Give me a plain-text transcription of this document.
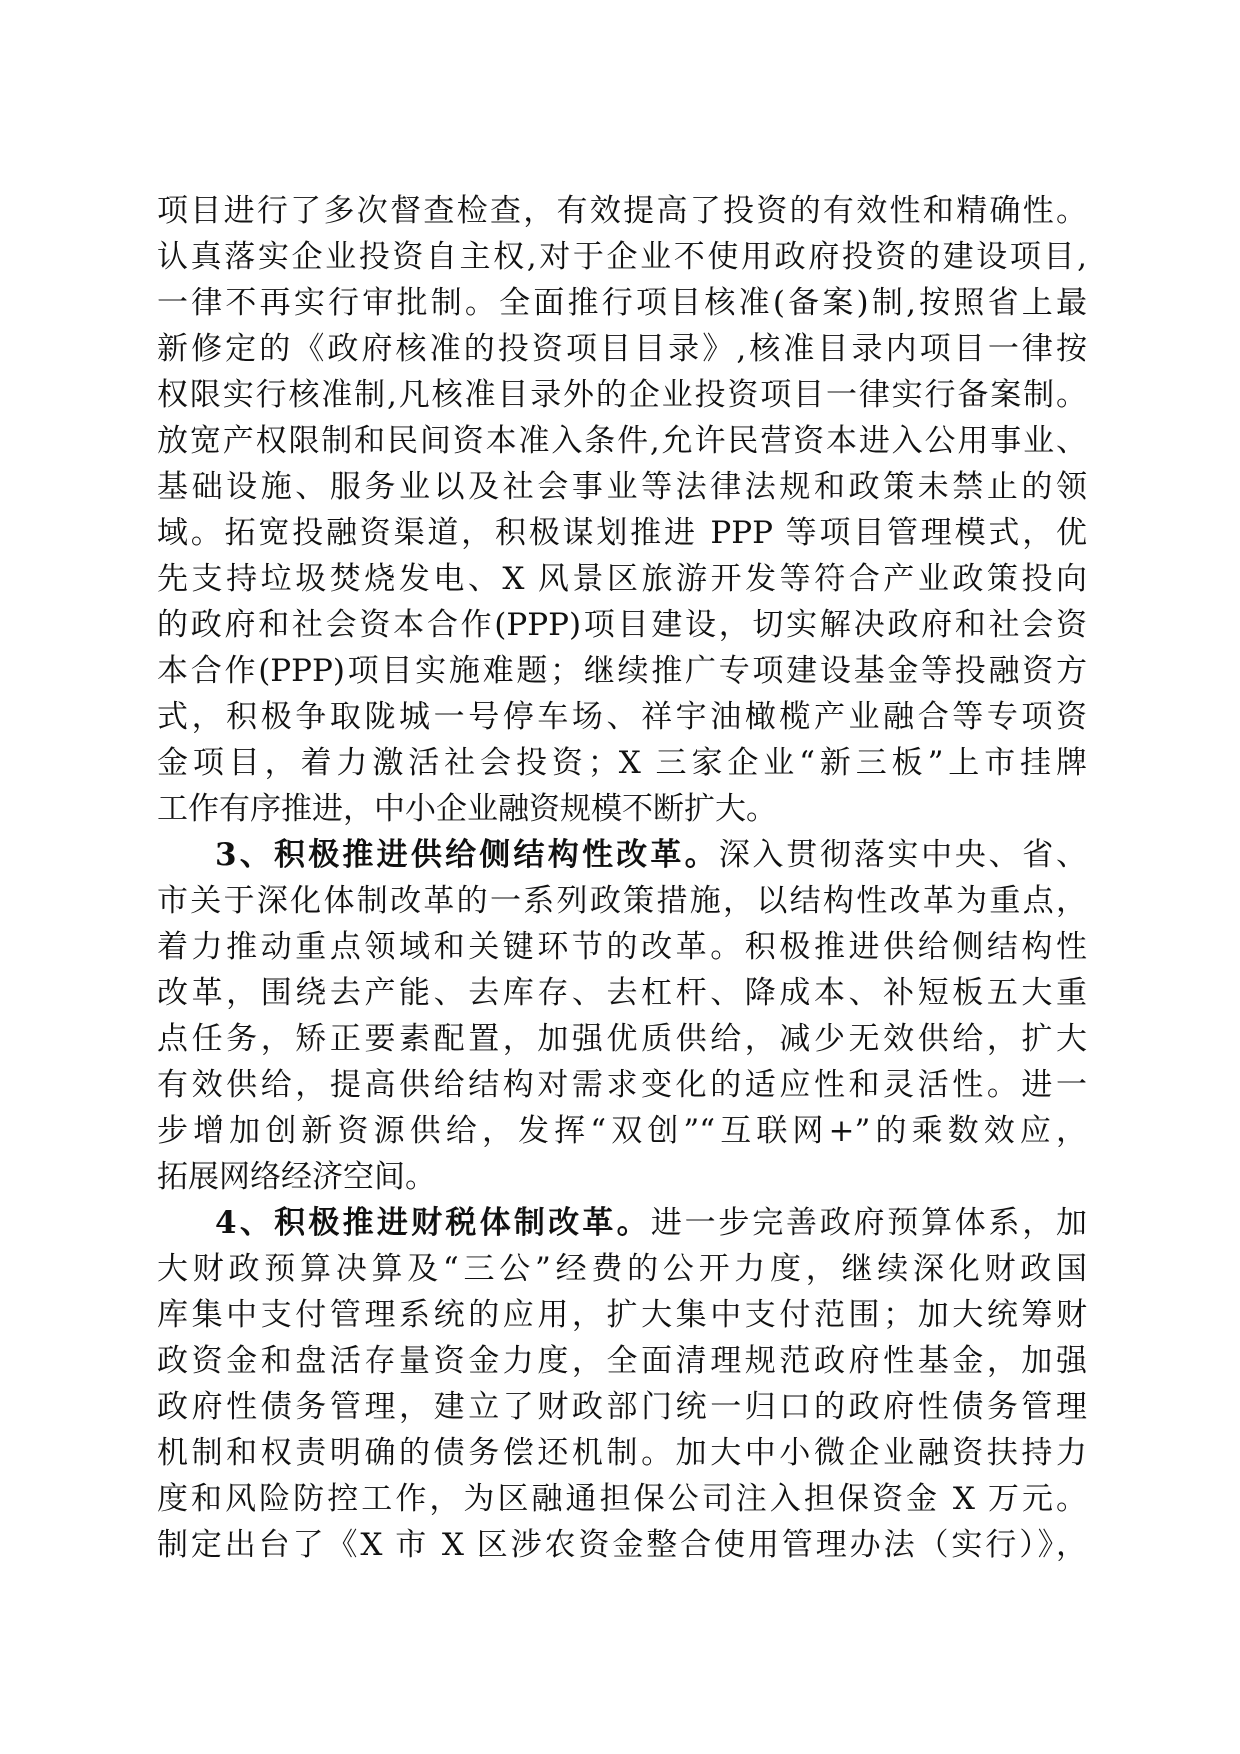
项目进行了多次督查检查，有效提高了投资的有效性和精确性。
认真落实企业投资自主权,对于企业不使用政府投资的建设项目,
一律不再实行审批制。全面推行项目核准(备案)制,按照省上最
新修定的《政府核准的投资项目目录》,核准目录内项目一律按
权限实行核准制,凡核准目录外的企业投资项目一律实行备案制。
放宽产权限制和民间资本准入条件,允许民营资本进入公用事业、
基础设施、服务业以及社会事业等法律法规和政策未禁止的领
域。拓宽投融资渠道，积极谋划推进 PPP 等项目管理模式，优
先支持垃圾焚烧发电、X 风景区旅游开发等符合产业政策投向
的政府和社会资本合作(PPP)项目建设，切实解决政府和社会资
本合作(PPP)项目实施难题；继续推广专项建设基金等投融资方
式，积极争取陇城一号停车场、祥宇油橄榄产业融合等专项资
金项目，着力激活社会投资；X 三家企业“新三板”上市挂牌
工作有序推进，中小企业融资规模不断扩大。
3、积极推进供给侧结构性改革。深入贯彻落实中央、省、
市关于深化体制改革的一系列政策措施，以结构性改革为重点，
着力推动重点领域和关键环节的改革。积极推进供给侧结构性
改革，围绕去产能、去库存、去杠杆、降成本、补短板五大重
点任务，矫正要素配置，加强优质供给，减少无效供给，扩大
有效供给，提高供给结构对需求变化的适应性和灵活性。进一
步增加创新资源供给，发挥“双创”“互联网+”的乘数效应，
拓展网络经济空间。
4、积极推进财税体制改革。进一步完善政府预算体系，加
大财政预算决算及“三公”经费的公开力度，继续深化财政国
库集中支付管理系统的应用，扩大集中支付范围；加大统筹财
政资金和盘活存量资金力度，全面清理规范政府性基金，加强
政府性债务管理，建立了财政部门统一归口的政府性债务管理
机制和权责明确的债务偿还机制。加大中小微企业融资扶持力
度和风险防控工作，为区融通担保公司注入担保资金 X 万元。
制定出台了《X 市 X 区涉农资金整合使用管理办法（实行）》，
